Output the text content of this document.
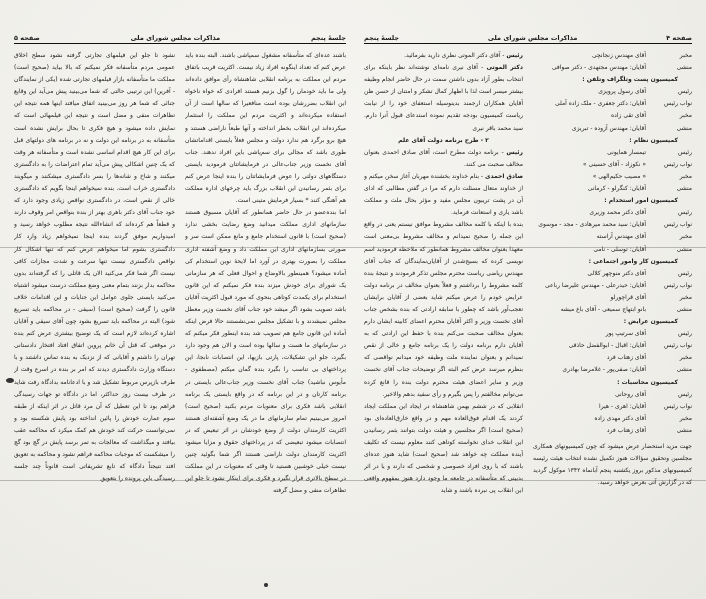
جلسهٔ پنجم
مذاکرات مجلس شورای ملی
صفحه ۵

باشند عده‌ای که متأسفانه مشغول سمپاشی باشند. البته بنده باید عرض کنم که تعداد اینگونه افراد زیاد نیست. اکثریت قریب باتفاق مردم این مملکت به برنامه انقلابی شاهنشاه رأی موافق داده‌اند ولی ما باید خودمان را گول بزنیم هستند افرادی که خواه ناخواه این انقلاب بضررشان بوده است منافعیرا که سالها است از آن استفاده میکرده‌اند و اکثریت مردم این مملکت را استثمار میکرده‌اند این انقلاب بخطر انداخته و آنها طبعاً ناراضی هستند و هیچ برو برگرد هم ندارد دولت و مجلس فعلاً بایستی اقداماتشان طوری باشد که مجالی برای سم‌پاشی باین افراد ندهند. جناب آقای نخست وزیر جناب‌عالی در فرمایشاتتان فرمودید بایستی دستگاههای دولتی را عوض فرمایشاتتان را بنده اینجا عرض کنم برای بثمر رسانیدن این انقلاب بزرگ باید چرخهای اداره مملکت هم آهنگی کنند * بسیار فرمایش متینی است.

اما بنده‌عضو در حال حاضر همانطور که آقایان مسبوق هستند سازمانهای اداری مملکت میدانید وضع رضایت بخشی ندارد (صحیح است) با قانون استخدام جامع و مانع ممکن است سر و صورتی بسازمانهای اداری این مملکت داد و وضع آشفته اداری مملکت را بصورت بهتری در آورد اما لایحهٔ نوین استخدام کی آماده میشود؟ همینطور بالاوضاع و احوال فعلی که هر سازمانی یک شورای برای خودش میزند بنده فکر نمیکنم که این قانون استخدام برای یکمدت کوتاهی بنحوی که مورد قبول اکثریت آقایان باشد تصویب بشود اگر میشد خود جناب آقای نخست وزیر معطل مجلس نمیشدند و با تشکیل مجلس نمی‌نشستند حالا فرض اینکه آماده این قانون جامع هم تصویب شد بنده اینطور فکر میکنم که در سازمانهای ما هست و سالها بوده است و الان هم وجود دارد بگیرد، جلو این تشکیلات، پارتی بازیها، این انتصابات نابجا، این پرداختهای بی تناسب را بگیرد بنده گمان میکنم (مصطفوی - مأیوس نباشید) جناب آقای نخست وزیر جناب‌عالی بایستی در برنامه کارتان و در این برنامه که در واقع بایستی یک برنامه انقلابی باشد فکری برای معنویات مردم بکنید (صحیح است) امروز می‌بینیم تمام سازمانهای ما در یک وضع آشفته‌ای هستند اکثریت کارمندان دولت از وضع خودشان در اثر تبعیض که در انتصابات میشود تبعیضی که در پرداختهای حقوق و مزایا میشود اکثریت کارمندان دولت ناراضی هستند اگر شما بگوئید چنین نیست خیلی خوشبین هستید تا وقتی که معنویات در این مملکت در سطح بالاتری قرار نگیرد و فکری برای اینکار نشود تا جلو این تظاهرات منفی و مضل گرفته

نشود تا جلو این فیلمهای تجارتی گرفته نشود سطح اخلاق عمومی مردم متأسفانه فکر نمیکنم که بالا بیاید (صحیح است) مملکت ما متأسفانه بازار فیلمهای تجارتی شده (یکی از نمایندگان - آفرین) این ترتیبی حالتی که شما می‌بینید پیش می‌آید این وقایع جنائی که شما هر روز می‌بینید اتفاق میافتد اینها همه نتیجه این تظاهرات منفی و مضل است و نتیجه این فیلمهائی است که نمایش داده میشود و هیچ فکری تا بحال برایش نشده است متأسفانه به در برنامه این دولت و نه در برنامه های دولتهای قبل برای این کار هیچ اقدام اساسی نشده است و متأسفانه هر وقت که یک چنین اشکالی پیش می‌آید تمام اعتراضات را به دادگستری میکنند و شاخ و شانه‌ها را بسر دادگستری میشکنند و میگویند دادگستری خراب است. بنده نمیخواهم اینجا بگویم که دادگستری خالی از نقص است، در دادگستری نواقص زیادی وجود دارد که خود جناب آقای دکتر باهری بهتر از بنده بنواقص امر وقوف دارند و قطعاً هم کرده‌اند که انشاءالله نتیجه مطلوب خواهد رسید و امیدواریم موفق گردند بنده اینجا نمیخواهم زیاد وارد کار دادگستری بشوم اما میخواهم عرض کنم که تنها اشکال کار نواقص دادگستری نیست تنها سرعت و شدت مجازات کافی نیست اگر شما فکر می‌کنید الان یک قاتلی را که گرفته‌اند بدون محاکمه بدار بزنند بتمام معنی وضع مملکت درست میشود اشتباه می‌کنید بایستی جلوی عوامل این جنایات و این اقدامات خلاف قانون را گرفت (صحیح است) (سیفی - در محاکمه باید تسریع شود) البته در محاکمه باید تسریع بشود چون آقای سیفی و آقایان اشاره کرده‌اند لازم است که یک توضیح بیشتری عرض کنم بنده در موقعی که قتل آن خانم پروین اتفاق افتاد افتخار دادستانی تهران را داشتم و آقایانی که از نزدیک به بنده تماس داشتند و با دستگاه وزارت دادگستری دیدند که امر بر بنده در اسرع وقت از طرف بازپرس مربوط تشکیل شد و با ادعانامه بدادگاه رفت شاید در ظرف بیست روز حداکثر، اما در دادگاه تو جهات رسیدگی فراهم بود تا این تعطیل که آن مرد قاتل در اثر اینکه از طبقه سوم عمارت خودش را پائین انداخته بود پایش شکسته بود و نمی‌توانست حرکت کند خودش هم کمک میکرد که محاکمه عقب بیافتد و میگذاشت که معالجات به تمر برسد پایش در گچ بود گچ را میشکست که موجبات محاکمه فراهم نشود و محاکمه به تعویق افتد نتیجتاً دادگاه که تابع تشریفاتی است قانوناً چند جلسه رسیدگی باین پرونده را بتعویق

صفحه ۴
مذاکرات مجلس شورای ملی
جلسهٔ پنجم
مخبر
آقای مهندس زنجانچی
منشی
آقایان: مهندس مجتهدی - دکتر صوافی
کمیسیون پست وتلگراف وتلفن :
رئیس
آقای رسول پرویزی
نواب رئیس
آقایان: دکتر جعفری - ملک زاده آملی
مخبر
آقای تقی زاده
منشی
آقایان: مهندس آزوده - تبریزی
کمیسیون نظام :
رئیس
تیمسار همایونی
نواب رئیس
« نکوزاد - آقای حسینی »
مخبر
« مصیب حکیم‌الهی »
منشی
آقایان: کنگرلو - کرمانی
کمیسیون امور استخدام :
رئیس
آقای دکتر محمد وزیری
نواب رئیس
آقایان: سید محمد میرهادی - مجد - موسوی
مخبر
آقای مهندس آراسته
منشی
آقایان: توسلی - نامی
کمیسیون کار وامور اجتماعی :
رئیس
آقای دکتر منوچهر کلالی
نواب رئیس
آقایان: حیدرعلی - مهندس علیرضا رباعی
مخبر
آقای قراچورلو
منشی
بانو ابتهاج سمیعی - آقای باغ میشه
کمیسیون عرایض :
رئیس
آقای سرتیپ پور
نواب رئیس
آقایان: اقبال - ابوالفضل حاذقی
مخبر
آقای زهتاب فرد
منشی
آقایان: صفی‌پور - غلامرضا بهادری
کمیسیون محاسبات :
رئیس
آقای روحانی
نواب رئیس
آقایان: اهری - هیرا
مخبر
آقای دکتر مهدی زاده
منشی
آقای زهتاب فرد

جهت مزید استحضار عرض میشود که چون کمیسیونهای همکاری مجلسین وتحقیق سؤالات هنوز تکمیل نشده انتخاب هیئت رئیسه کمیسیونهای مذکور بروز یکشنبه پنجم آبانماه ۱۳۴۲ موکول گردید که در گزارش آتی بعرض خواهد رسید.

رئیس - آقای دکتر الموتی نظری دارید بفرمائید.

دکتر الموتی - آقای نیری نامه‌ای نوشته‌اند نظر باینکه برای انتخاب بطور آزاد بدون داشتن سمت در حال حاضر انجام وظیفه بیشتر میسر است لذا با اظهار کمال تشکر و امتنان از حسن ظن آقایان همکاران ارجمند بدینوسیله استعفای خود را از نیابت ریاست کمیسیون بودجه تقدیم نموده استدعای قبول آنرا دارم. سید محمد باقر نیری

۲ - طرح برنامه دولت آقای علم

رئیس - برنامه دولت مطرح است، آقای صادق احمدی بعنوان مخالف صحبت می کنند.

صادق احمدی - بنام خداوند بخشنده مهربان آغاز سخن میکنم و از خداوند متعال مسئلت دارم که مرا در گفتن مطالبی که ادای آن در پشت تریبون مجلس مفید و مؤثر بحال ملت و مملکت باشد یاری و استعانت فرماید.

بنده با اینکه با کلمه مخالف مشروط موافق نیستم یعنی در واقع این جمله را صحیح نمیدانم و مخالف مشروط بی‌معنی است معهذا بعنوان مخالف مشروط همانطور که ملاحظه فرمودید اسم نویسی کرده که بسیج‌شدن از آقایان‌نمایندگان که جناب آقای مهندس ریاضی ریاست محترم مجلس تذکر فرمودند و نتیجهٔ بنده کلمه مشروط را برداشتم و فعلاً بعنوان مخالف در برنامه دولت عرایض خودم را عرض میکنم شاید بعضی از آقایان برایشان تعجب‌آور باشد که چطور با سابقه ارادتی که بنده بشخص جناب آقای نخست وزیر و اکثر آقایان محترم اعضای کابینه ایشان دارم بعنوان مخالف صحبت می‌کنم بنده با حفظ این ارادتی که به آقایان دارم برنامه دولت را یک برنامه جامع و خالی از نقص نمیدانم و بعنوان نماینده ملت وظیفه خود میدانم نواقصی که بنظرم میرسد عرض کنم البته اگر توضیحات جناب آقای نخست وزیر و سایر اعضای هیئت محترم دولت بنده را قانع کرده می‌توانم مخالفتم را پس بگیرم و رأی سفید بدهم والاخیر.

انقلابی که در ششم بهمن شاهنشاه در ایجاد این مملکت ایجاد کردند یک اقدام فوق‌العاده مهم و در واقع خارق‌العاده‌ای بود (صحیح است) اگر مجلسین و هیئت دولت بتوانند بثمر رسانیدن این انقلاب خدای نخواسته کوتاهی کنند معلوم نیست که تکلیف آینده مملکت چه خواهد شد (صحیح است) شاید هنوز عده‌ای باشند که با روی افراد خصوصی و شخصی که دارند و یا در اثر بدبینی که متأسفانه در جامعه ما وجود دارد هنوز بمفهوم واقعی این انقلاب پی نبرده باشند و شاید
